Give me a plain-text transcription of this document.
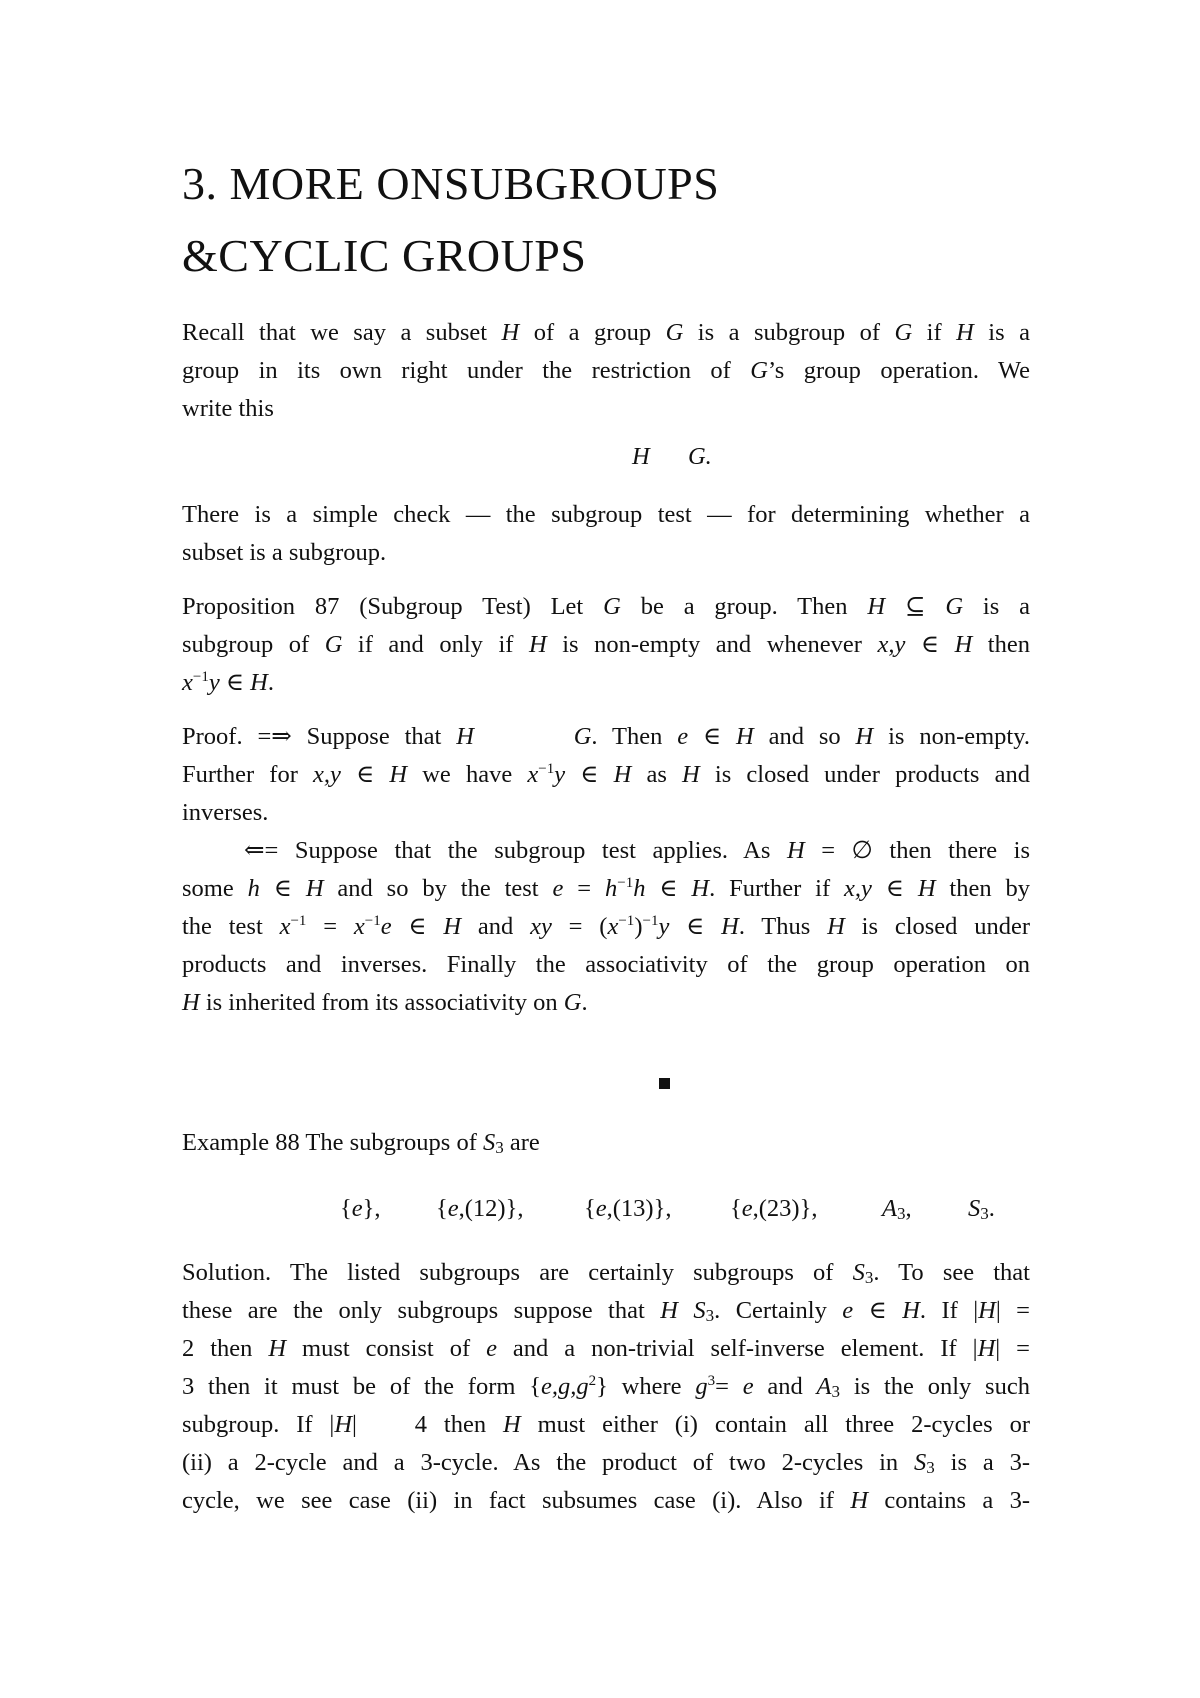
3. MORE ONSUBGROUPS
&CYCLIC GROUPS

Recall that we say a subset H of a group G is a subgroup of G if H is a
group in its own right under the restriction of G’s group operation. We
write this

H G.

There is a simple check — the subgroup test — for determining whether a
subset is a subgroup.

Proposition 87 (Subgroup Test) Let G be a group. Then H ⊆ G is a
subgroup of G if and only if H is non-empty and whenever x,y ∈ H then
$x^{-1}y$ ∈ H.

Proof. =⇒ Suppose that H	G. Then e ∈ H and so H is non-empty.
Further for x,y ∈ H we have $x^{-1}y$ ∈ H as H is closed under products and
inverses.
⇐= Suppose that the subgroup test applies. As H = ∅ then there is
some h ∈ H and so by the test $e = h^{-1}h$ ∈ H. Further if x,y ∈ H then by
the test $x^{-1} = x^{-1}e$ ∈ H and xy = $(x^{-1})^{-1}y$ ∈ H. Thus H is closed under
products and inverses. Finally the associativity of the group operation on
H is inherited from its associativity on G.

Example 88 The subgroups of $S_3$ are

{e}, {e,(12)}, {e,(13)}, {e,(23)},	$A_3$, $S_3$.

Solution. The listed subgroups are certainly subgroups of $S_3$. To see that
these are the only subgroups suppose that H $S_3$. Certainly e ∈ H. If |H| =
2 then H must consist of e and a non-trivial self-inverse element. If |H| =
3 then it must be of the form $\{e,g,g^2\}$ where $g^3= e$ and $A_3$ is the only such
subgroup. If |H|  4 then H must either (i) contain all three 2-cycles or
(ii) a 2-cycle and a 3-cycle. As the product of two 2-cycles in $S_3$ is a 3-
cycle, we see case (ii) in fact subsumes case (i). Also if H contains a 3-
